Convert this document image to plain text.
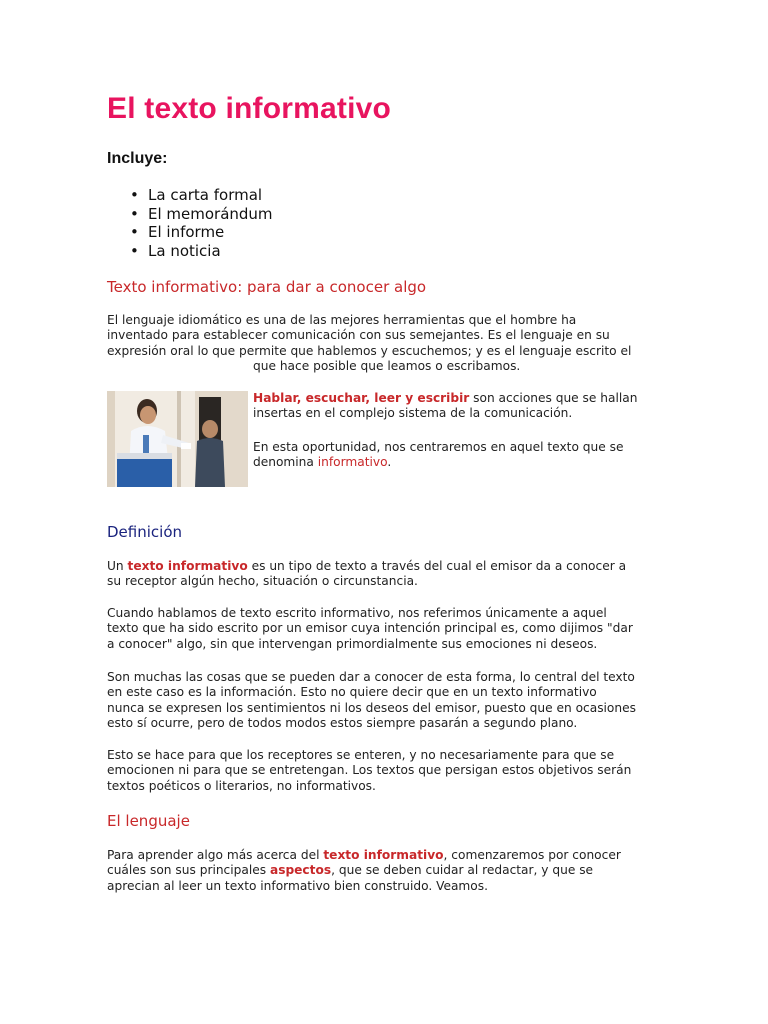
El texto informativo
Incluye:
• La carta formal
• El memorándum
• El informe
• La noticia
Texto informativo: para dar a conocer algo

El lenguaje idiomático es una de las mejores herramientas que el hombre ha
inventado para establecer comunicación con sus semejantes. Es el lenguaje en su
expresión oral lo que permite que hablemos y escuchemos; y es el lenguaje escrito el
que hace posible que leamos o escribamos.

Hablar, escuchar, leer y escribir son acciones que se hallan
insertas en el complejo sistema de la comunicación.

En esta oportunidad, nos centraremos en aquel texto que se
denomina informativo.

Definición

Un texto informativo es un tipo de texto a través del cual el emisor da a conocer a
su receptor algún hecho, situación o circunstancia.

Cuando hablamos de texto escrito informativo, nos referimos únicamente a aquel
texto que ha sido escrito por un emisor cuya intención principal es, como dijimos "dar
a conocer" algo, sin que intervengan primordialmente sus emociones ni deseos.

Son muchas las cosas que se pueden dar a conocer de esta forma, lo central del texto
en este caso es la información. Esto no quiere decir que en un texto informativo
nunca se expresen los sentimientos ni los deseos del emisor, puesto que en ocasiones
esto sí ocurre, pero de todos modos estos siempre pasarán a segundo plano.

Esto se hace para que los receptores se enteren, y no necesariamente para que se
emocionen ni para que se entretengan. Los textos que persigan estos objetivos serán
textos poéticos o literarios, no informativos.

El lenguaje

Para aprender algo más acerca del texto informativo, comenzaremos por conocer
cuáles son sus principales aspectos, que se deben cuidar al redactar, y que se
aprecian al leer un texto informativo bien construido. Veamos.
